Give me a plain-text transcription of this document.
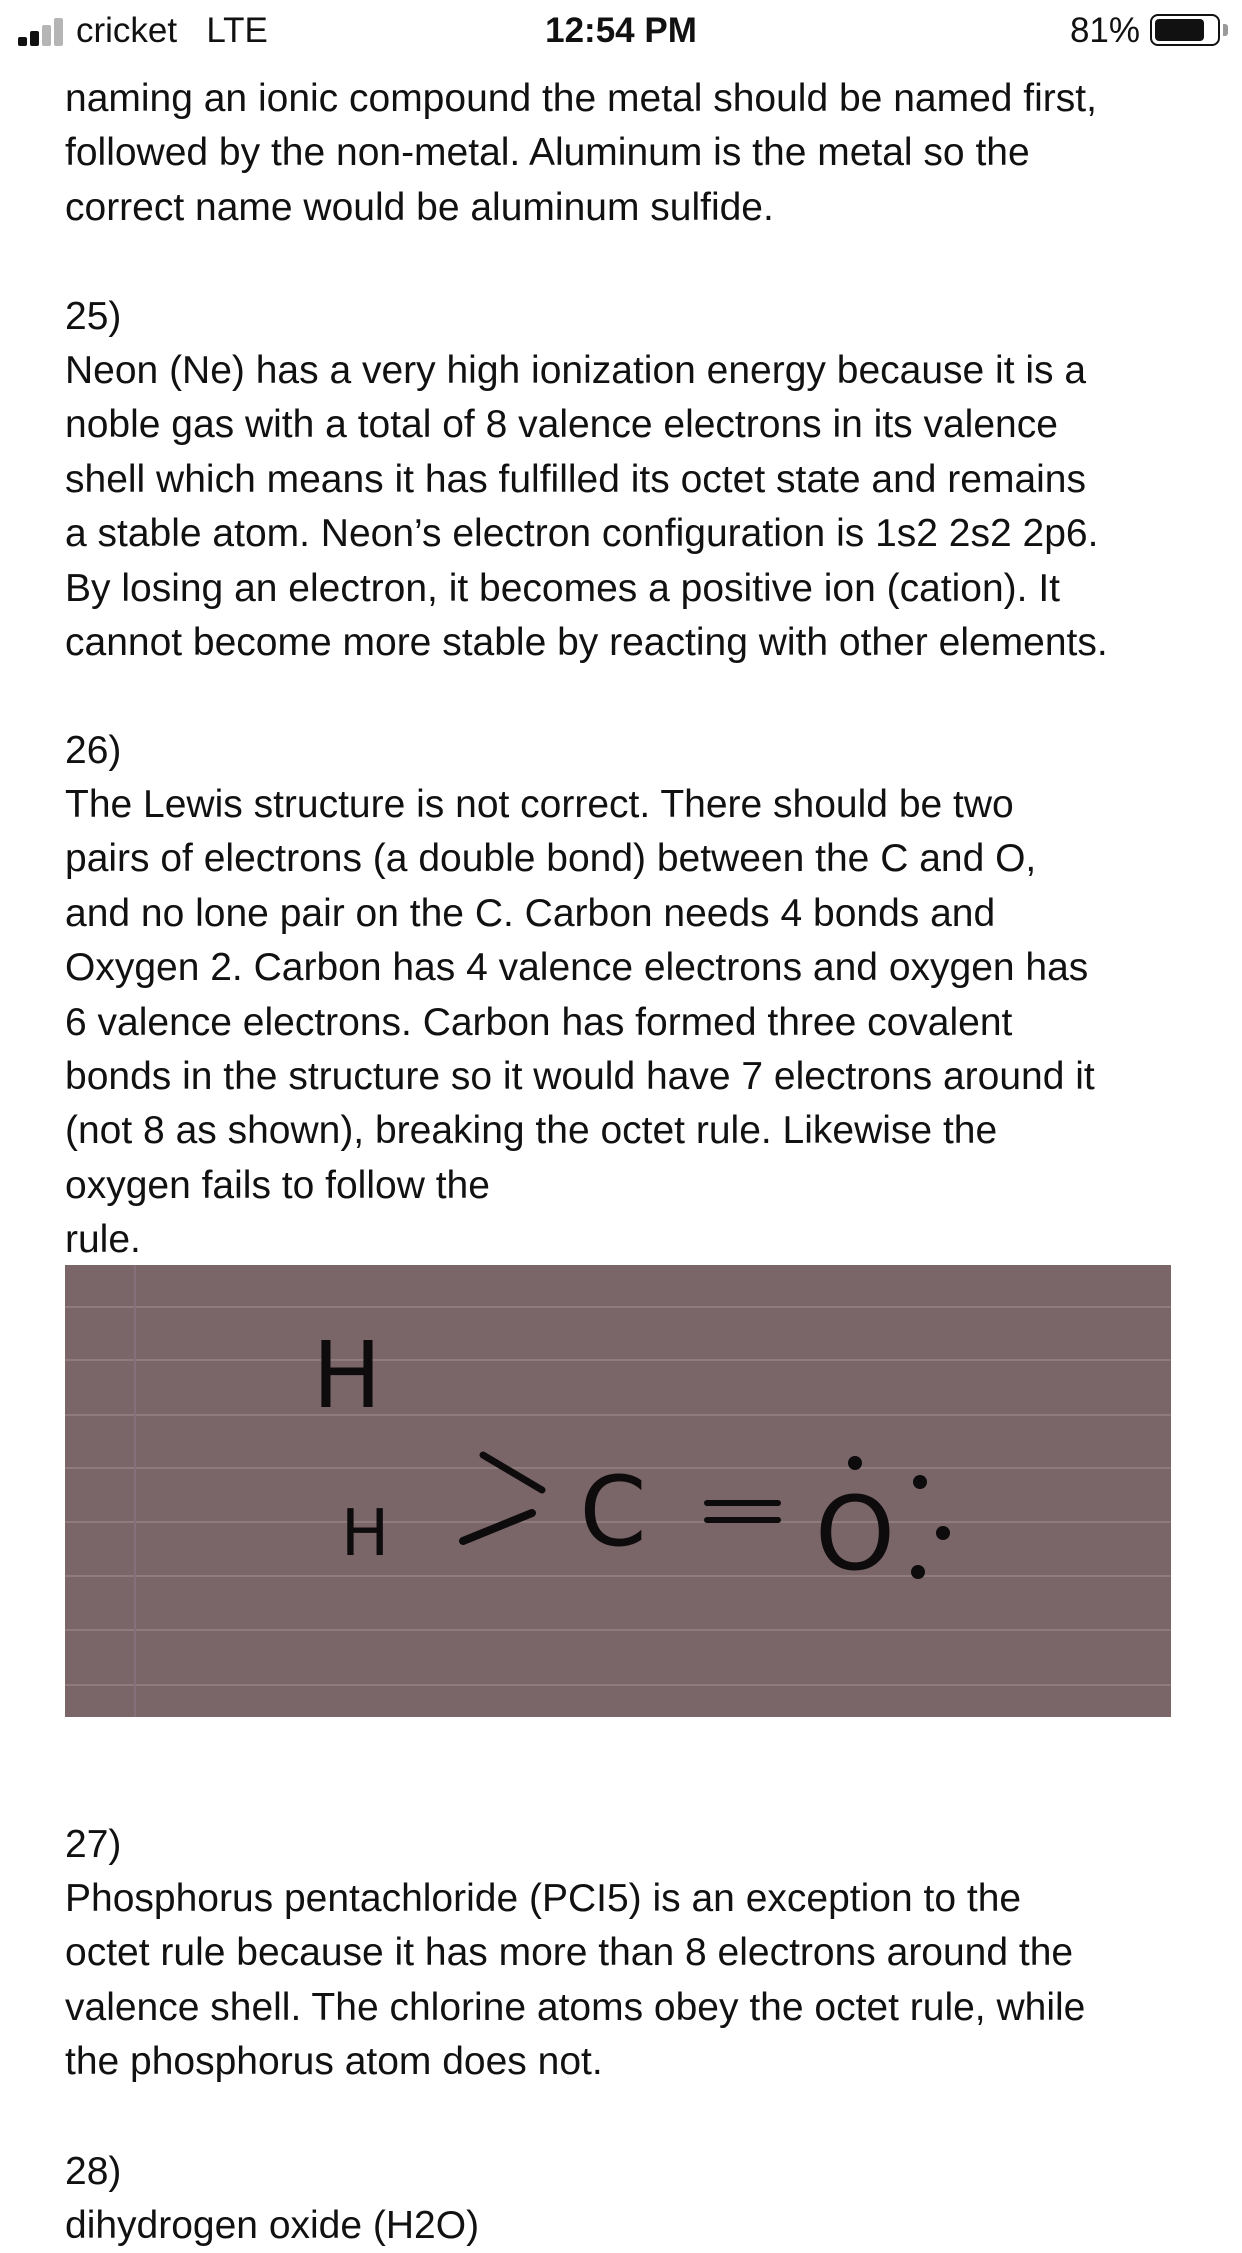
cricket LTE	12:54 PM	81%

naming an ionic compound the metal should be named first,
followed by the non-metal. Aluminum is the metal so the
correct name would be aluminum sulfide.

25)

Neon (Ne) has a very high ionization energy because it is a
noble gas with a total of 8 valence electrons in its valence
shell which means it has fulfilled its octet state and remains
a stable atom. Neon’s electron configuration is 1s2 2s2 2p6.
By losing an electron, it becomes a positive ion (cation). It
cannot become more stable by reacting with other elements.

26)

The Lewis structure is not correct. There should be two
pairs of electrons (a double bond) between the C and O,
and no lone pair on the C. Carbon needs 4 bonds and
Oxygen 2. Carbon has 4 valence electrons and oxygen has
6 valence electrons. Carbon has formed three covalent
bonds in the structure so it would have 7 electrons around it
(not 8 as shown), breaking the octet rule. Likewise the
oxygen fails to follow the
rule.

27)

Phosphorus pentachloride (PCI5) is an exception to the
octet rule because it has more than 8 electrons around the
valence shell. The chlorine atoms obey the octet rule, while
the phosphorus atom does not.

28)

dihydrogen oxide (H2O)

H
H C O
